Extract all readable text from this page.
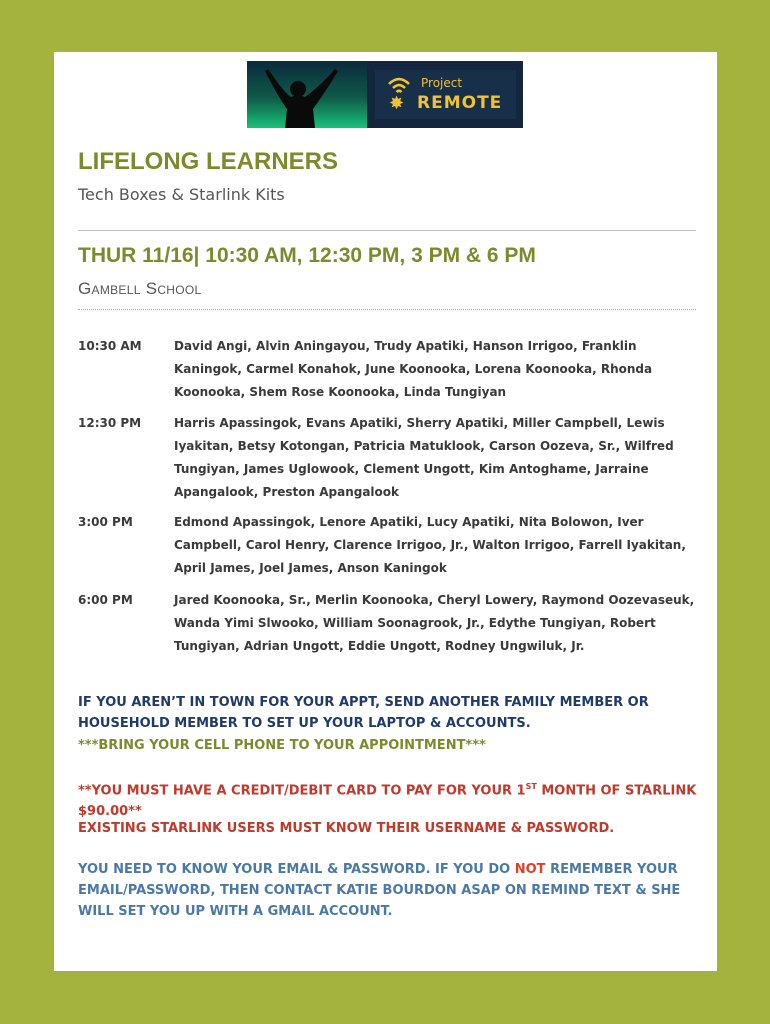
✸
Project
REMOTE
LIFELONG LEARNERS
Tech Boxes & Starlink Kits
THUR 11/16| 10:30 AM, 12:30 PM, 3 PM & 6 PM
Gambell School
10:30 AM	David Angi, Alvin Aningayou, Trudy Apatiki, Hanson Irrigoo, Franklin Kaningok, Carmel Konahok, June Koonooka, Lorena Koonooka, Rhonda Koonooka, Shem Rose Koonooka, Linda Tungiyan
12:30 PM	Harris Apassingok, Evans Apatiki, Sherry Apatiki, Miller Campbell, Lewis Iyakitan, Betsy Kotongan, Patricia Matuklook, Carson Oozeva, Sr., Wilfred Tungiyan, James Uglowook, Clement Ungott, Kim Antoghame, Jarraine Apangalook, Preston Apangalook
3:00 PM	Edmond Apassingok, Lenore Apatiki, Lucy Apatiki, Nita Bolowon, Iver Campbell, Carol Henry, Clarence Irrigoo, Jr., Walton Irrigoo, Farrell Iyakitan, April James, Joel James, Anson Kaningok
6:00 PM	Jared Koonooka, Sr., Merlin Koonooka, Cheryl Lowery, Raymond Oozevaseuk, Wanda Yimi Slwooko, William Soonagrook, Jr., Edythe Tungiyan, Robert Tungiyan, Adrian Ungott, Eddie Ungott, Rodney Ungwiluk, Jr.
IF YOU AREN’T IN TOWN FOR YOUR APPT, SEND ANOTHER FAMILY MEMBER OR HOUSEHOLD MEMBER TO SET UP YOUR LAPTOP & ACCOUNTS.
***BRING YOUR CELL PHONE TO YOUR APPOINTMENT***
**YOU MUST HAVE A CREDIT/DEBIT CARD TO PAY FOR YOUR 1ST MONTH OF STARLINK $90.00**
EXISTING STARLINK USERS MUST KNOW THEIR USERNAME & PASSWORD.
YOU NEED TO KNOW YOUR EMAIL & PASSWORD. IF YOU DO NOT REMEMBER YOUR EMAIL/PASSWORD, THEN CONTACT KATIE BOURDON ASAP ON REMIND TEXT & SHE WILL SET YOU UP WITH A GMAIL ACCOUNT.
